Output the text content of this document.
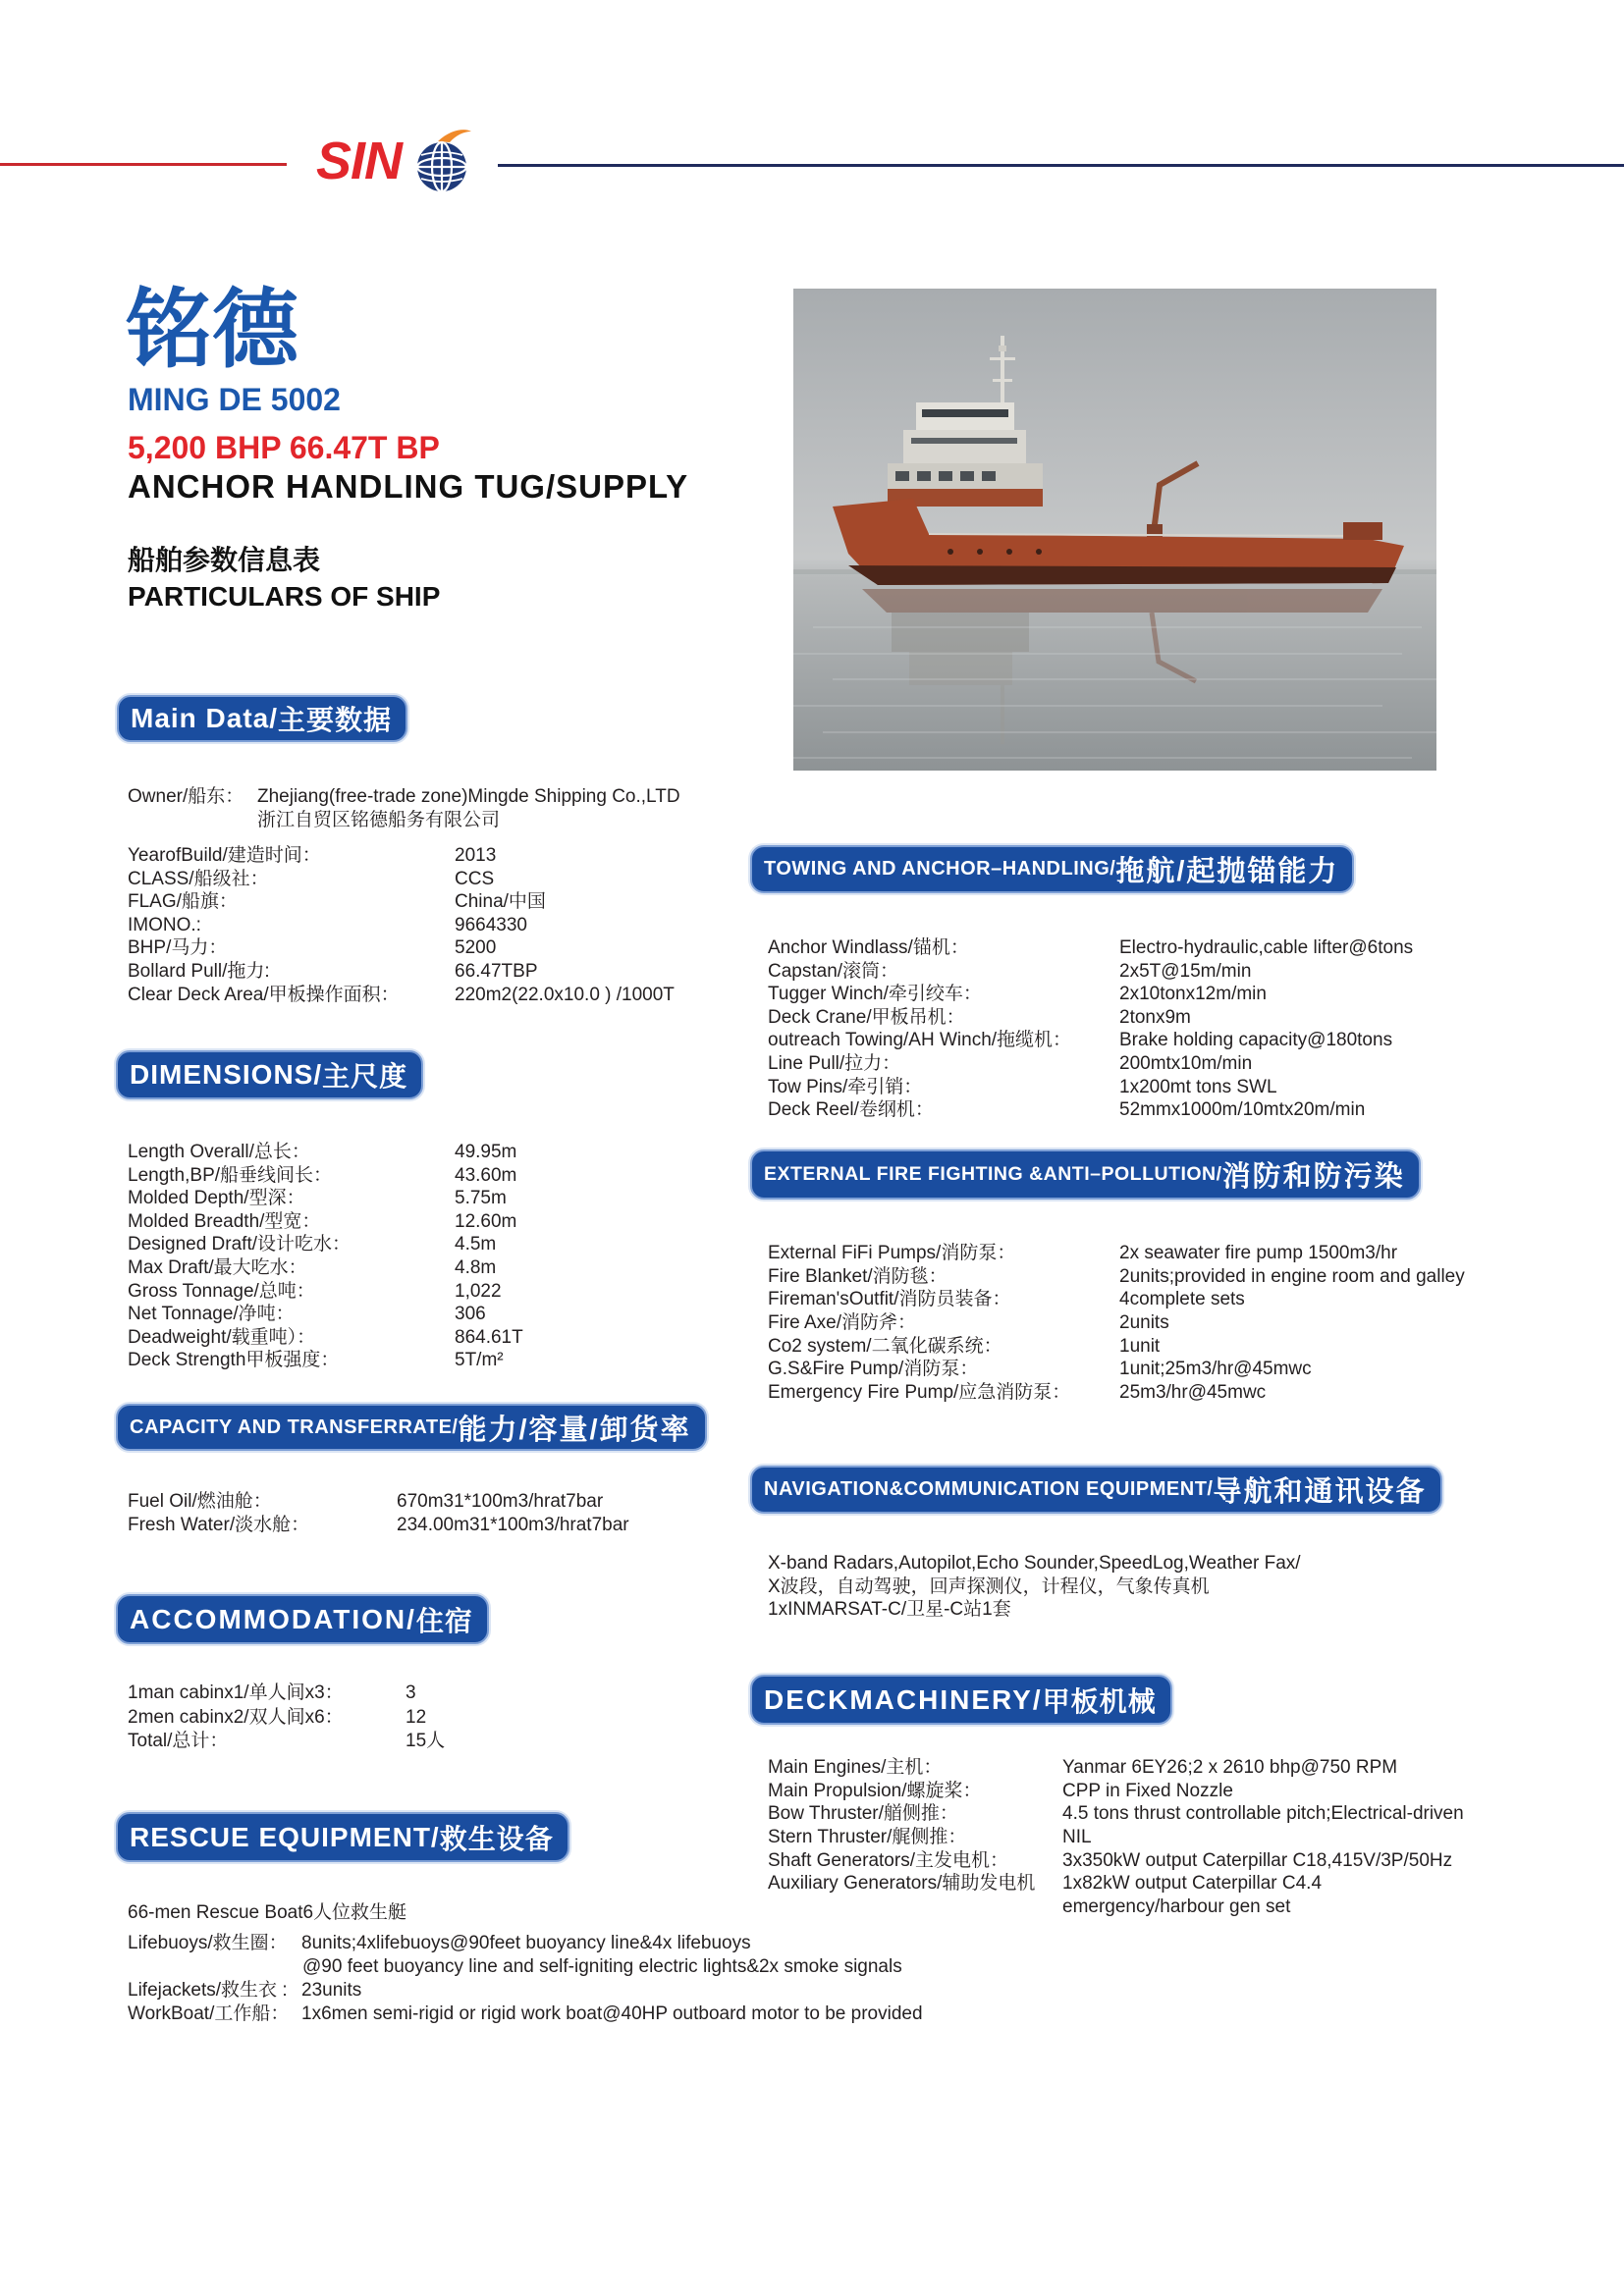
SIN
铭德
MING DE 5002
5,200 BHP 66.47T BP
ANCHOR HANDLING TUG/SUPPLY
船舶参数信息表
PARTICULARS OF SHIP
Main Data/ 主要数据
Owner/船东： Zhejiang(free-trade zone)Mingde Shipping Co.,LTD
浙江自贸区铭德船务有限公司
YearofBuild/建造时间：	2013
CLASS/船级社：	CCS
FLAG/船旗：	China/中国
IMONO.:	9664330
BHP/马力：	5200
Bollard Pull/拖力:	66.47TBP
Clear Deck Area/甲板操作面积：	220m2(22.0x10.0 ) /1000T
DIMENSIONS/ 主尺度
Length Overall/总长：	49.95m
Length,BP/船垂线间长：	43.60m
Molded Depth/型深：	5.75m
Molded Breadth/型宽：	12.60m
Designed Draft/设计吃水：	4.5m
Max Draft/最大吃水：	4.8m
Gross Tonnage/总吨：	1,022
Net Tonnage/净吨：	306
Deadweight/载重吨）：	864.61T
Deck Strength甲板强度：	5T/m²
CAPACITY AND TRANSFERRATE/ 能力/容量/卸货率
Fuel Oil/燃油舱：	670m31*100m3/hrat7bar
Fresh Water/淡水舱：	234.00m31*100m3/hrat7bar
ACCOMMODATION/ 住宿
1man cabinx1/单人间x3：	3
2men cabinx2/双人间x6：	12
Total/总计：	15人
RESCUE EQUIPMENT/ 救生设备
66-men Rescue Boat6人位救生艇
Lifebuoys/救生圈： 8units;4xlifebuoys@90feet buoyancy line&4x lifebuoys
@90 feet buoyancy line and self-igniting electric lights&2x smoke signals
Lifejackets/救生衣 : 23units
WorkBoat/工作船： 1x6men semi-rigid or rigid work boat@40HP outboard motor to be provided
TOWING AND ANCHOR–HANDLING/ 拖航/起抛锚能力
Anchor Windlass/锚机：	Electro-hydraulic,cable lifter@6tons
Capstan/滚筒：	2x5T@15m/min
Tugger Winch/牵引绞车：	2x10tonx12m/min
Deck Crane/甲板吊机：	2tonx9m
outreach Towing/AH Winch/拖缆机：	Brake holding capacity@180tons
Line Pull/拉力：	200mtx10m/min
Tow Pins/牵引销：	1x200mt tons SWL
Deck Reel/卷纲机：	52mmx1000m/10mtx20m/min
EXTERNAL FIRE FIGHTING &ANTI–POLLUTION/ 消防和防污染
External FiFi Pumps/消防泵：	2x seawater fire pump 1500m3/hr
Fire Blanket/消防毯：	2units;provided in engine room and galley
Fireman'sOutfit/消防员装备：	4complete sets
Fire Axe/消防斧：	2units
Co2 system/二氧化碳系统：	1unit
G.S&Fire Pump/消防泵：	1unit;25m3/hr@45mwc
Emergency Fire Pump/应急消防泵：	25m3/hr@45mwc
NAVIGATION&COMMUNICATION EQUIPMENT/ 导航和通讯设备
X-band Radars,Autopilot,Echo Sounder,SpeedLog,Weather Fax/
X波段，自动驾驶，回声探测仪，计程仪，气象传真机
1xINMARSAT-C/卫星-C站1套
DECKMACHINERY/ 甲板机械
Main Engines/主机：	Yanmar 6EY26;2 x 2610 bhp@750 RPM
Main Propulsion/螺旋桨：	CPP in Fixed Nozzle
Bow Thruster/艏侧推：	4.5 tons thrust controllable pitch;Electrical-driven
Stern Thruster/艉侧推：	NIL
Shaft Generators/主发电机：	3x350kW output Caterpillar C18,415V/3P/50Hz
Auxiliary Generators/辅助发电机	1x82kW output Caterpillar C4.4
emergency/harbour gen set
